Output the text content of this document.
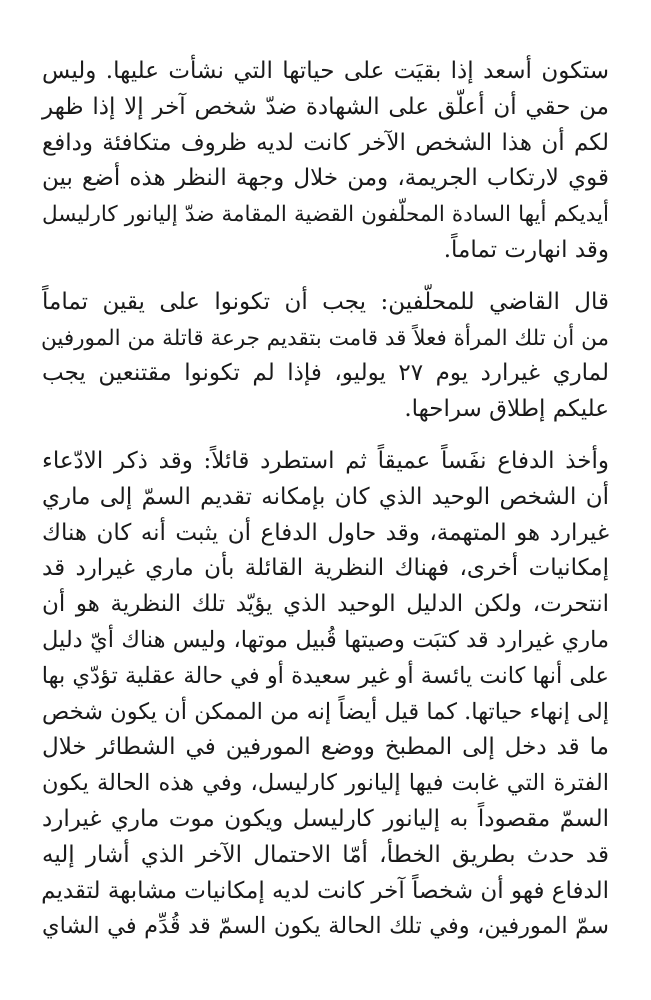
ستكون أسعد إذا بقيَت على حياتها التي نشأت عليها. وليس
من حقي أن أعلّق على الشهادة ضدّ شخص آخر إلا إذا ظهر
لكم أن هذا الشخص الآخر كانت لديه ظروف متكافئة ودافع
قوي لارتكاب الجريمة، ومن خلال وجهة النظر هذه أضع بين
أيديكم أيها السادة المحلّفون القضية المقامة ضدّ إليانور كارليسل
وقد انهارت تماماً.

قال القاضي للمحلّفين: يجب أن تكونوا على يقين تماماً
من أن تلك المرأة فعلاً قد قامت بتقديم جرعة قاتلة من المورفين
لماري غيرارد يوم ٢٧ يوليو، فإذا لم تكونوا مقتنعين يجب
عليكم إطلاق سراحها.

وأخذ الدفاع نفَساً عميقاً ثم استطرد قائلاً: وقد ذكر الادّعاء
أن الشخص الوحيد الذي كان بإمكانه تقديم السمّ إلى ماري
غيرارد هو المتهمة، وقد حاول الدفاع أن يثبت أنه كان هناك
إمكانيات أخرى، فهناك النظرية القائلة بأن ماري غيرارد قد
انتحرت، ولكن الدليل الوحيد الذي يؤيّد تلك النظرية هو أن
ماري غيرارد قد كتبَت وصيتها قُبيل موتها، وليس هناك أيّ دليل
على أنها كانت يائسة أو غير سعيدة أو في حالة عقلية تؤدّي بها
إلى إنهاء حياتها. كما قيل أيضاً إنه من الممكن أن يكون شخص
ما قد دخل إلى المطبخ ووضع المورفين في الشطائر خلال
الفترة التي غابت فيها إليانور كارليسل، وفي هذه الحالة يكون
السمّ مقصوداً به إليانور كارليسل ويكون موت ماري غيرارد
قد حدث بطريق الخطأ، أمّا الاحتمال الآخر الذي أشار إليه
الدفاع فهو أن شخصاً آخر كانت لديه إمكانيات مشابهة لتقديم
سمّ المورفين، وفي تلك الحالة يكون السمّ قد قُدِّم في الشاي
